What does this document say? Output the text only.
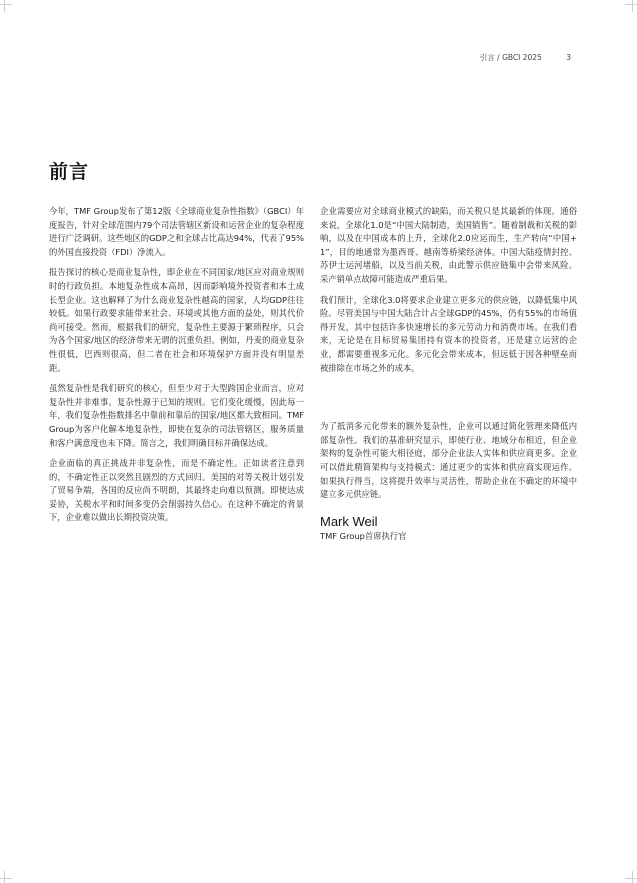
引言 / GBCI 2025	3
前言

今年，TMF Group发布了第12版《全球商业复杂性指数》（GBCI）年度报告，针对全球范围内79个司法管辖区新设和运营企业的复杂程度进行广泛调研。这些地区的GDP之和全球占比高达94%，代表了95%的外国直接投资（FDI）净流入。

报告探讨的核心是商业复杂性，即企业在不同国家/地区应对商业规则时的行政负担。本地复杂性成本高昂，因而影响境外投资者和本土成长型企业。这也解释了为什么商业复杂性越高的国家，人均GDP往往较低。如果行政要求能带来社会、环境或其他方面的益处，则其代价尚可接受。然而，根据我们的研究，复杂性主要源于繁琐程序，只会为各个国家/地区的经济带来无谓的沉重负担。例如，丹麦的商业复杂性很低，巴西则很高，但二者在社会和环境保护方面并没有明显差距。

虽然复杂性是我们研究的核心，但至少对于大型跨国企业而言，应对复杂性并非难事。复杂性源于已知的规则。它们变化缓慢，因此每一年，我们复杂性指数排名中靠前和靠后的国家/地区都大致相同。TMF Group为客户化解本地复杂性，即使在复杂的司法管辖区，服务质量和客户满意度也未下降。简言之，我们明确目标并确保达成。

企业面临的真正挑战并非复杂性，而是不确定性。正如读者注意到的，不确定性正以突然且剧烈的方式回归。美国的对等关税计划引发了贸易争端，各国的反应尚不明朗，其最终走向难以预测。即使达成妥协，关税水平和时间多变仍会削弱持久信心。在这种不确定的背景下，企业难以做出长期投资决策。

企业需要应对全球商业模式的缺陷，而关税只是其最新的体现。通俗来说，全球化1.0是“中国大陆制造，美国销售”。随着制裁和关税的影响，以及在中国成本的上升，全球化2.0应运而生，生产转向“中国+1”，目的地通常为墨西哥、越南等桥梁经济体。中国大陆疫情封控、苏伊士运河堵船，以及当前关税，由此警示供应链集中会带来风险。采产销单点故障可能造成严重后果。

我们预计，全球化3.0将要求企业建立更多元的供应链，以降低集中风险。尽管美国与中国大陆合计占全球GDP的45%，仍有55%的市场值得开发，其中包括许多快速增长的多元劳动力和消费市场。在我们看来，无论是在目标贸易集团持有资本的投资者，还是建立运营的企业，都需要重视多元化。多元化会带来成本，但远低于因各种壁垒而被排除在市场之外的成本。

为了抵消多元化带来的额外复杂性，企业可以通过简化管理来降低内部复杂性。我们的基准研究显示，即使行业、地域分布相近，但企业架构的复杂性可能大相径庭，部分企业法人实体和供应商更多。企业可以借此精简架构与支持模式：通过更少的实体和供应商实现运作。如果执行得当，这将提升效率与灵活性，帮助企业在不确定的环境中建立多元供应链。

Mark Weil
TMF Group首席执行官
